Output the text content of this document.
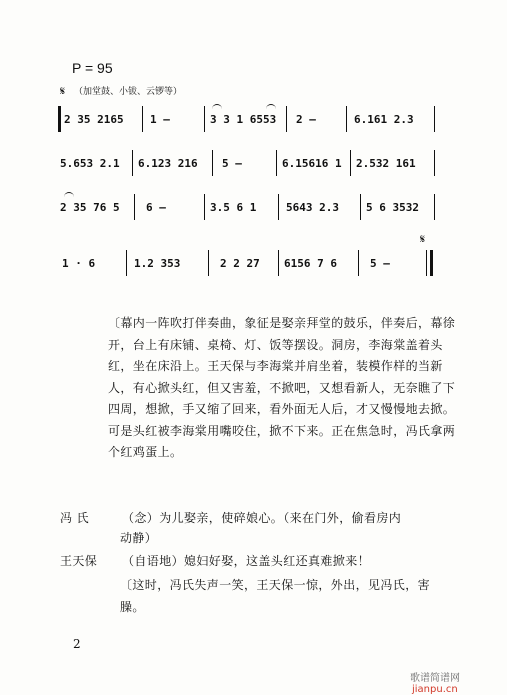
P = 95
𝄋 （加堂鼓、小钹、云锣等）
2 35 2165 1 —	3 3 1 6553 2 —	6.161 2.3
5.653 2.1 6.123 216 5 —	6.15616 1 2.532 161
2 35 76 5 6 —	3.5 6 1	5643 2.3 5 6 3532
𝄋
1 · 6	1.2 353	2 2 27 6156 7 6	5 —
〔幕内一阵吹打伴奏曲，象征是娶亲拜堂的鼓乐，伴奏后，幕徐开，台上有床铺、桌椅、灯、饭等摆设。洞房，李海棠盖着头红，坐在床沿上。王天保与李海棠并肩坐着，装模作样的当新人，有心掀头红，但又害羞，不掀吧，又想看新人，无奈瞧了下四周，想掀，手又缩了回来，看外面无人后，才又慢慢地去掀。可是头红被李海棠用嘴咬住，掀不下来。正在焦急时，冯氏拿两个红鸡蛋上。
冯 氏	（念）为儿娶亲，使碎娘心。（来在门外，偷看房内
动静）
王天保 （自语地）媳妇好娶，这盖头红还真难掀来！
〔这时，冯氏失声一笑，王天保一惊，外出，见冯氏，害臊。
2
歌谱简谱网jianpu.cn
